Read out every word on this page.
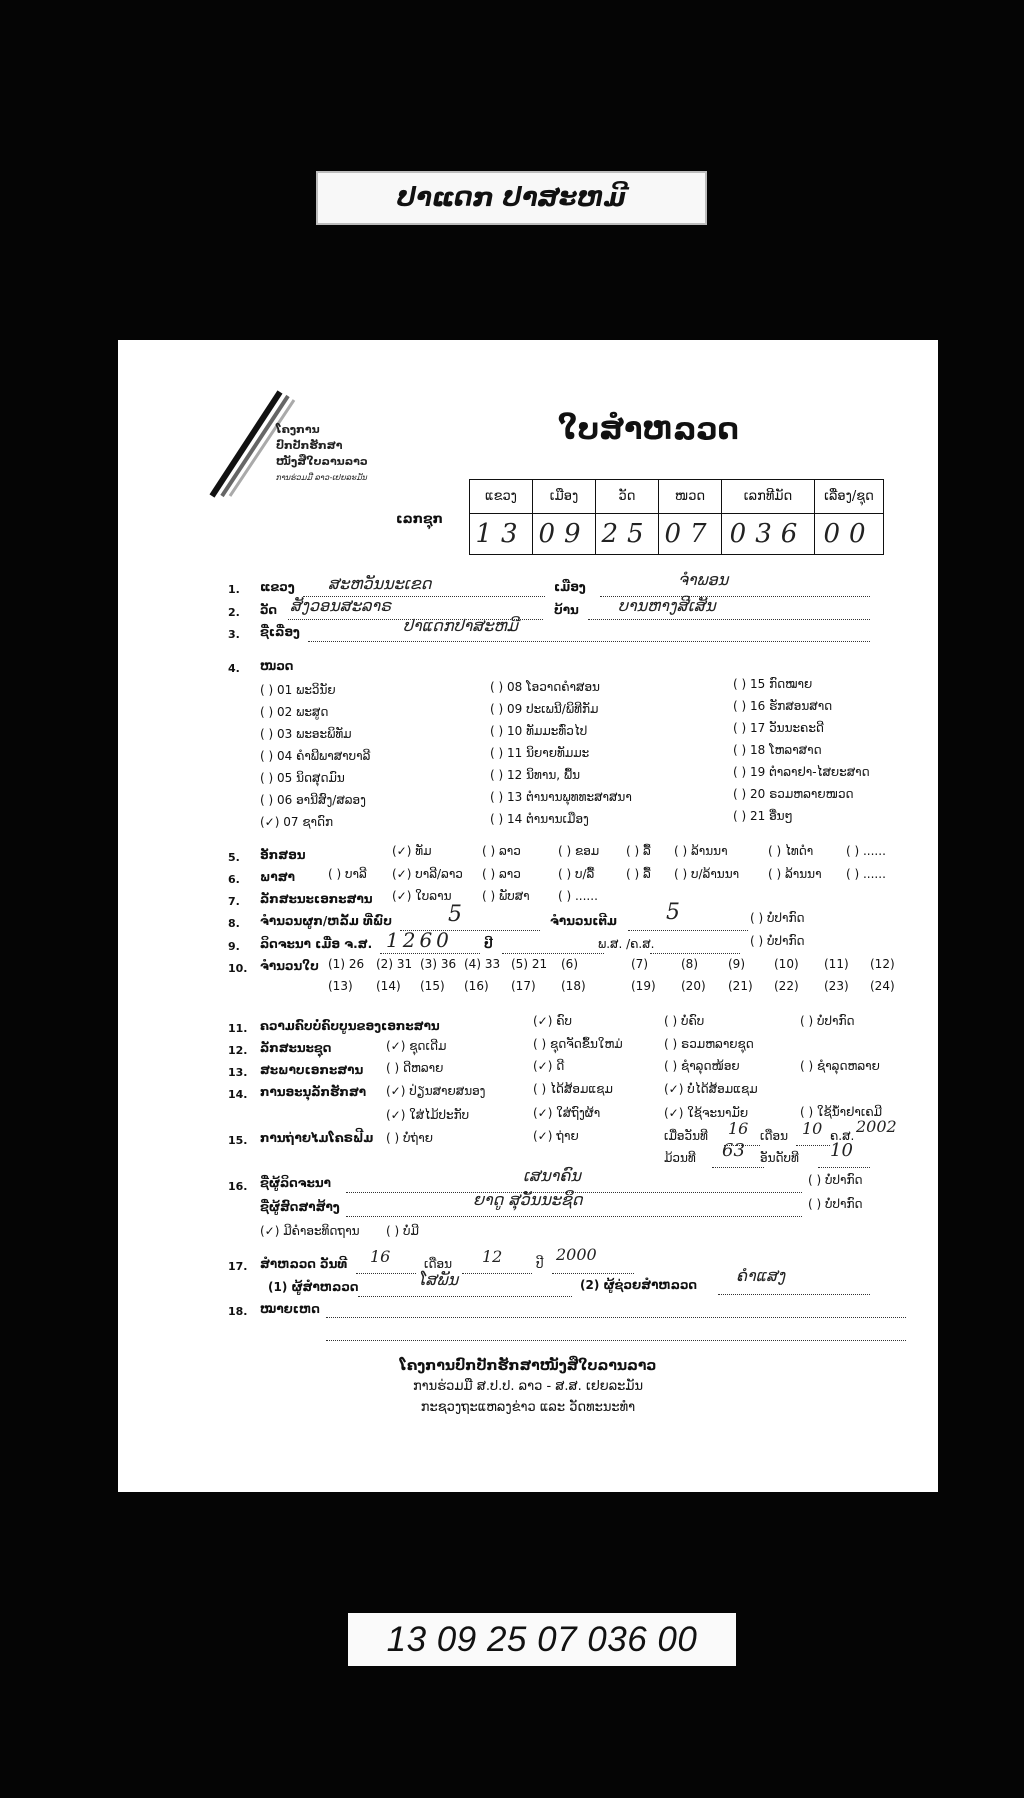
ປາແດກ ປາສະຫມີ
ໂຄງການ
ປົກປັກຮັກສາ
ໜັງສືໃບລານລາວ
ການຮ່ວມມື ລາວ-ເຢຍລະມັນ
ໃບສໍາຫລວດ
ເລກຊຸກ
ແຂວງ	ເມືອງ	ວັດ	ໜວດ	ເລກທີມັດ	ເລື່ອງ/ຊຸດ
13	09	25	07	036	00
1. ແຂວງ ສະຫວັນນະເຂດ	ເມືອງ	ຈໍາພອນ
2. ວັດ ສັງວອນສະລາຣ	ບ້ານ ບານຫາງສີເສັນ
3. ຊື່ເລື່ອງ	ປາແດກປາສະຫມີ
4. ໜວດ
( ) 01 ພະວິນັຍ
( ) 02 ພະສູດ
( ) 03 ພະອະພິທັມ
( ) 04 ຄໍາພີພາສາບາລີ
( ) 05 ນິດສຸດມົນ
( ) 06 ອານີສົງ/ສລອງ
(✓) 07 ຊາດົກ
( ) 08 ໂອວາດຄໍາສອນ
( ) 09 ປະເພນີ/ພິທີກັມ
( ) 10 ທັມມະທົ່ວໄປ
( ) 11 ນິຍາຍທັມມະ
( ) 12 ນິທານ, ພື້ນ
( ) 13 ຕໍານານພຸທທະສາສນາ
( ) 14 ຕໍານານເມືອງ
( ) 15 ກົດໝາຍ
( ) 16 ຮັກສອນສາດ
( ) 17 ວັນນະຄະດີ
( ) 18 ໂຫລາສາດ
( ) 19 ຕໍາລາຢາ-ໄສຍະສາດ
( ) 20 ຣວມຫລາຍໜວດ
( ) 21 ອື່ນໆ
5. ອັກສອນ	(✓) ທັມ	( ) ລາວ	( ) ຂອມ ( ) ລື້ ( ) ລ້ານນາ	( ) ໄທດໍາ	( ) ......
6. ພາສາ	( ) ບາລີ (✓) ບາລີ/ລາວ ( ) ລາວ	( ) ບ/ລື້	( ) ລື້ ( ) ບ/ລ້ານນາ ( ) ລ້ານນາ ( ) ......
7. ລັກສະນະເອກະສານ (✓) ໃບລານ	( ) ພັບສາ ( ) ......
8. ຈໍານວນຜູກ/ຫລັ້ມ ທີ່ພົບ	5	ຈໍານວນເຕີມ 5	( ) ບໍ່ປາກົດ
9. ລິດຈະນາ ເມື່ອ ຈ.ສ. 1260	ປີ	ພ.ສ. /ຄ.ສ.	( ) ບໍ່ປາກົດ
10. ຈໍານວນໃບ
11. ຄວາມຄົບບໍ່ຄົບບູນຂອງເອກະສານ	(✓) ຄົບ	( ) ບໍ່ຄົບ	( ) ບໍ່ປາກົດ
12. ລັກສະນະຊຸດ	(✓) ຊຸດເດີມ	( ) ຊຸດຈັດຂຶ້ນໃຫມ່	( ) ຣວມຫລາຍຊຸດ
13. ສະພາບເອກະສານ ( ) ດີຫລາຍ	(✓) ດີ	( ) ຊໍາລຸດໜ້ອຍ	( ) ຊໍາລຸດຫລາຍ
14. ການອະນຸລັກຮັກສາ (✓) ປ່ຽນສາຍສນອງ	( ) ໄດ້ສ້ອມແຊມ	(✓) ບໍ່ໄດ້ສ້ອມແຊມ
(✓) ໃສ່ໄມ້ປະກັບ	(✓) ໃສ່ຖົງຜ້າ	(✓) ໃຊ້ຈະນາມັຍ	( ) ໃຊ້ນ້ໍາຢາເຄມີ
15. ການຖ່າຍໄມໂຄຣຟີມ ( ) ບໍ່ຖ່າຍ	(✓) ຖ່າຍ	ເມື່ອວັນທີ 16 ເດືອນ 10 ຄ.ສ. 2002
ມ້ວນທີ 63 ອັນດັບທີ 10
16. ຊື່ຜູ້ລິດຈະນາ	ເສນາຄົນ	( ) ບໍ່ປາກົດ
ຊື່ຜູ້ສົດສາສ້າງ	ຍາດູ ສຸວັນນະຊິດ	( ) ບໍ່ປາກົດ
(✓) ມີຄໍາອະທິດຖານ ( ) ບໍ່ມີ
17. ສໍາຫລວດ ວັນທີ 16	ເດືອນ 12	ປີ 2000
(1) ຜູ້ສໍາຫລວດ	ໂສພັນ	(2) ຜູ້ຊ່ວຍສໍາຫລວດ ຄໍາແສງ
18. ໝາຍເຫດ
ໂຄງການປົກປັກຮັກສາໜັງສືໃບລານລາວ
ການຮ່ວມມື ສ.ປ.ປ. ລາວ - ສ.ສ. ເຢຍລະມັນ
ກະຊວງຖະແຫລງຂ່າວ ແລະ ວັດທະນະທໍາ
(1) 26 (2) 31 (3) 36 (4) 33 (5) 21 (6)	(7)	(8)	(9) (10) (11) (12)
(13) (14) (15) (16) (17) (18)	(19) (20) (21) (22) (23) (24)
13 09 25 07 036 00
